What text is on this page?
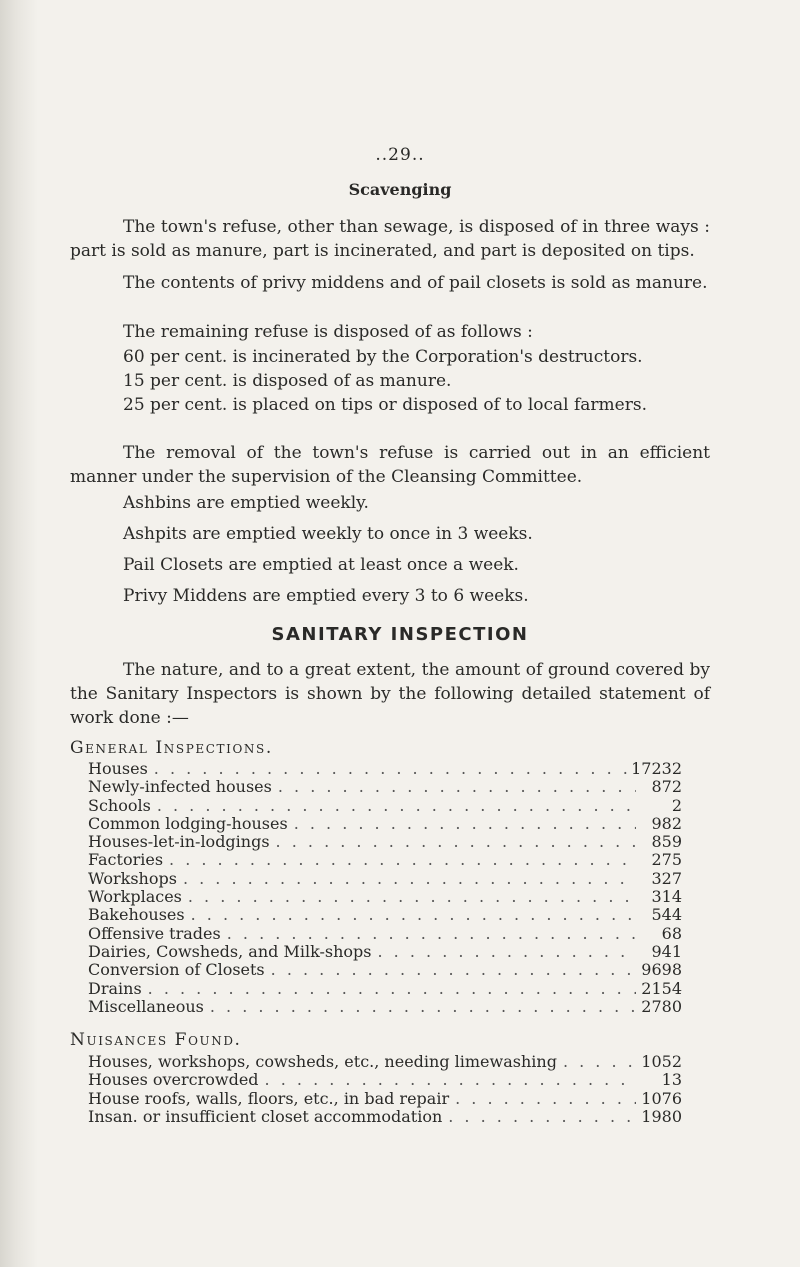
..29..
Scavenging
The town's refuse, other than sewage, is disposed of in three ways : part is sold as manure, part is incinerated, and part is deposited on tips.
The contents of privy middens and of pail closets is sold as manure.
The remaining refuse is disposed of as follows :
60 per cent. is incinerated by the Corporation's destructors.
15 per cent. is disposed of as manure.
25 per cent. is placed on tips or disposed of to local farmers.
The removal of the town's refuse is carried out in an efficient manner under the supervision of the Cleansing Committee.
Ashbins are emptied weekly.
Ashpits are emptied weekly to once in 3 weeks.
Pail Closets are emptied at least once a week.
Privy Middens are emptied every 3 to 6 weeks.
SANITARY INSPECTION
The nature, and to a great extent, the amount of ground covered by the Sanitary Inspectors is shown by the following detailed statement of work done :—
General Inspections.
Houses . . .	17232
Newly-infected houses . . .	872
Schools . . .	2
Common lodging-houses . . .	982
Houses-let-in-lodgings . . .	859
Factories . . .	275
Workshops . . .	327
Workplaces . . .	314
Bakehouses . . .	544
Offensive trades . . .	68
Dairies, Cowsheds, and Milk-shops . . .	941
Conversion of Closets . . .	9698
Drains . . .	2154
Miscellaneous . . .	2780
Nuisances Found.
Houses, workshops, cowsheds, etc., needing limewashing . . .	1052
Houses overcrowded . . .	13
House roofs, walls, floors, etc., in bad repair . . .	1076
Insan. or insufficient closet accommodation . . .	1980
